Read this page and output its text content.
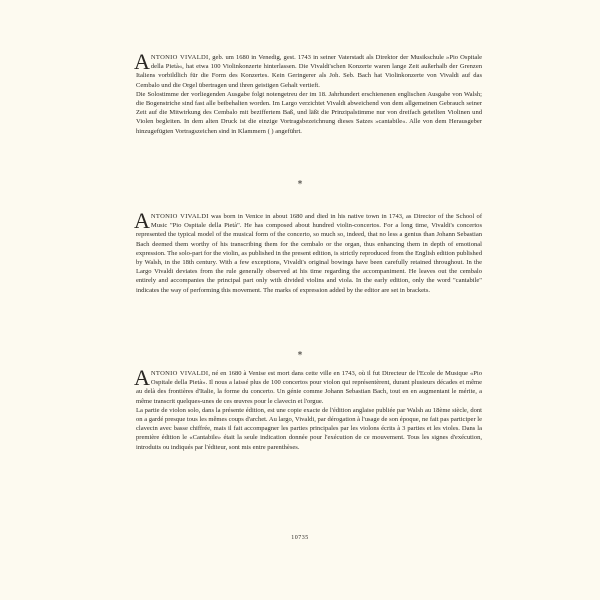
ANTONIO VIVALDI, geb. um 1680 in Venedig, gest. 1743 in seiner Vaterstadt als Direktor der Musikschule »Pio Ospitale della Pietà«, hat etwa 100 Violinkonzerte hinterlassen. Die Vivaldi'schen Konzerte waren lange Zeit außerhalb der Grenzen Italiens vorbildlich für die Form des Konzertes. Kein Geringerer als Joh. Seb. Bach hat Violinkonzerte von Vivaldi auf das Cembalo und die Orgel übertragen und ihren geistigen Gehalt vertieft.

Die Solostimme der vorliegenden Ausgabe folgt notengetreu der im 18. Jahrhundert erschienenen englischen Ausgabe von Walsh; die Bogenstriche sind fast alle beibehalten worden. Im Largo verzichtet Vivaldi abweichend von dem allgemeinen Gebrauch seiner Zeit auf die Mitwirkung des Cembalo mit beziffertem Baß, und läßt die Prinzipalstimme nur von dreifach geteilten Violinen und Violen begleiten. In dem alten Druck ist die einzige Vortragsbezeichnung dieses Satzes »cantabile«. Alle von dem Herausgeber hinzugefügten Vortragszeichen sind in Klammern ( ) angeführt.

*

ANTONIO VIVALDI was born in Venice in about 1680 and died in his native town in 1743, as Director of the School of Music "Pio Ospitale della Pietà". He has composed about hundred violin-concertos. For a long time, Vivaldi's concertos represented the typical model of the musical form of the concerto, so much so, indeed, that no less a genius than Johann Sebastian Bach deemed them worthy of his transcribing them for the cembalo or the organ, thus enhancing them in depth of emotional expression. The solo-part for the violin, as published in the present edition, is strictly reproduced from the English edition published by Walsh, in the 18th century. With a few exceptions, Vivaldi's original bowings have been carefully retained throughout. In the Largo Vivaldi deviates from the rule generally observed at his time regarding the accompaniment. He leaves out the cembalo entirely and accompanies the principal part only with divided violins and viola. In the early edition, only the word "cantabile" indicates the way of performing this movement. The marks of expression added by the editor are set in brackets.

*

ANTONIO VIVALDI, né en 1680 à Venise est mort dans cette ville en 1743, où il fut Directeur de l'Ecole de Musique «Pio Ospitale della Pietà». Il nous a laissé plus de 100 concertos pour violon qui représentèrent, durant plusieurs décades et même au delà des frontières d'Italie, la forme du concerto. Un génie comme Johann Sebastian Bach, tout en en augmentant le mérite, a même transcrit quelques-unes de ces œuvres pour le clavecin et l'orgue.

La partie de violon solo, dans la présente édition, est une copie exacte de l'édition anglaise publiée par Walsh au 18ème siècle, dont on a gardé presque tous les mêmes coups d'archet. Au largo, Vivaldi, par dérogation à l'usage de son époque, ne fait pas participer le clavecin avec basse chiffrée, mais il fait accompagner les parties principales par les violons écrits à 3 parties et les violes. Dans la première édition le «Cantabile» était la seule indication donnée pour l'exécution de ce mouvement. Tous les signes d'exécution, introduits ou indiqués par l'éditeur, sont mis entre parenthèses.

10735
